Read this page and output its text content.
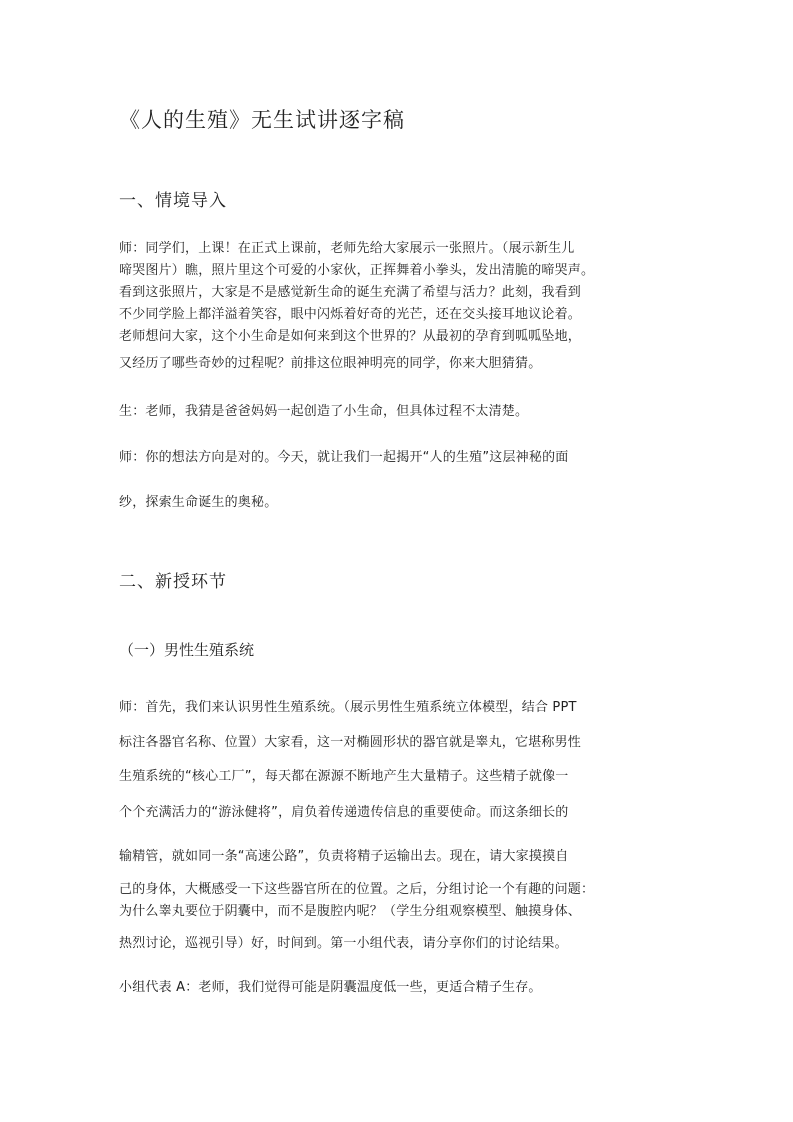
《人的生殖》无生试讲逐字稿
一、情境导入
师：同学们，上课！在正式上课前，老师先给大家展示一张照片。（展示新生儿
啼哭图片）瞧，照片里这个可爱的小家伙，正挥舞着小拳头，发出清脆的啼哭声。
看到这张照片，大家是不是感觉新生命的诞生充满了希望与活力？此刻，我看到
不少同学脸上都洋溢着笑容，眼中闪烁着好奇的光芒，还在交头接耳地议论着。
老师想问大家，这个小生命是如何来到这个世界的？从最初的孕育到呱呱坠地，
又经历了哪些奇妙的过程呢？前排这位眼神明亮的同学，你来大胆猜猜。
生：老师，我猜是爸爸妈妈一起创造了小生命，但具体过程不太清楚。
师：你的想法方向是对的。今天，就让我们一起揭开“人的生殖”这层神秘的面
纱，探索生命诞生的奥秘。
二、新授环节
（一）男性生殖系统
师：首先，我们来认识男性生殖系统。（展示男性生殖系统立体模型，结合 PPT
标注各器官名称、位置）大家看，这一对椭圆形状的器官就是睾丸，它堪称男性
生殖系统的“核心工厂”，每天都在源源不断地产生大量精子。这些精子就像一
个个充满活力的“游泳健将”，肩负着传递遗传信息的重要使命。而这条细长的
输精管，就如同一条“高速公路”，负责将精子运输出去。现在，请大家摸摸自
己的身体，大概感受一下这些器官所在的位置。之后，分组讨论一个有趣的问题：
为什么睾丸要位于阴囊中，而不是腹腔内呢？（学生分组观察模型、触摸身体、
热烈讨论，巡视引导）好，时间到。第一小组代表，请分享你们的讨论结果。
小组代表 A：老师，我们觉得可能是阴囊温度低一些，更适合精子生存。
